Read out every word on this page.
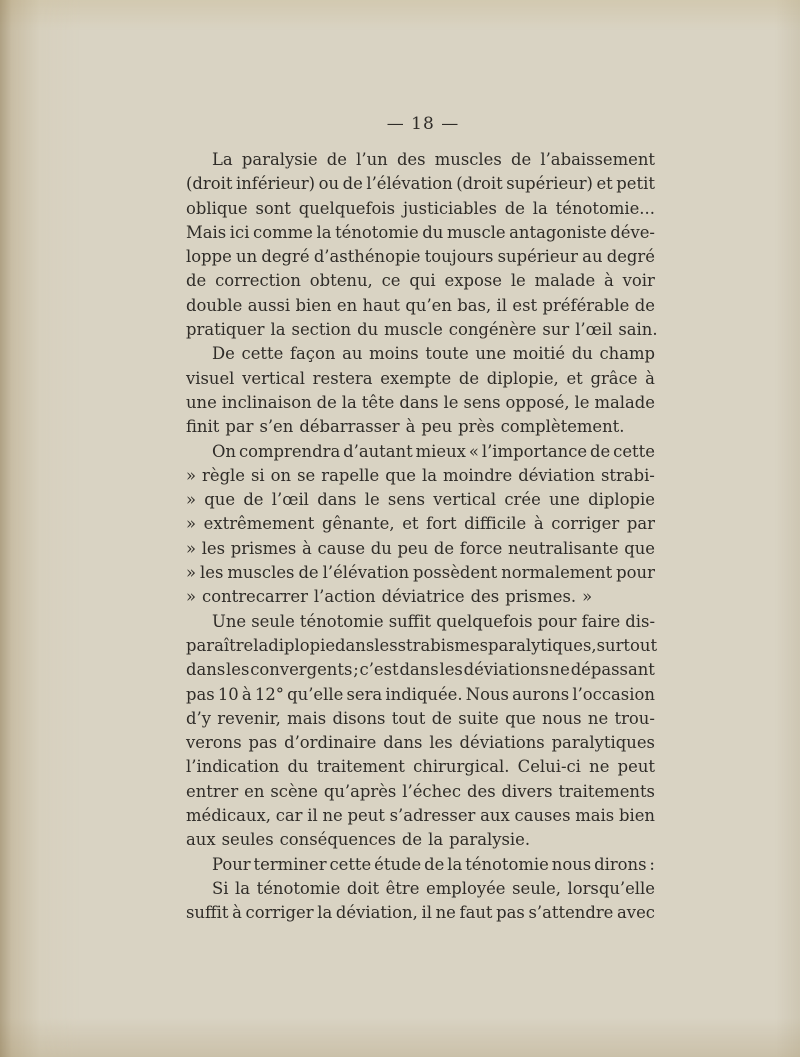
— 18 —
La paralysie de l’un des muscles de l’abaissement
(droit inférieur) ou de l’élévation (droit supérieur) et petit
oblique sont quelquefois justiciables de la ténotomie...
Mais ici comme la ténotomie du muscle antagoniste déve-
loppe un degré d’asthénopie toujours supérieur au degré
de correction obtenu, ce qui expose le malade à voir
double aussi bien en haut qu’en bas, il est préférable de
pratiquer la section du muscle congénère sur l’œil sain.
De cette façon au moins toute une moitié du champ
visuel vertical restera exempte de diplopie, et grâce à
une inclinaison de la tête dans le sens opposé, le malade
finit par s’en débarrasser à peu près complètement.
On comprendra d’autant mieux « l’importance de cette
» règle si on se rapelle que la moindre déviation strabi-
» que de l’œil dans le sens vertical crée une diplopie
» extrêmement gênante, et fort difficile à corriger par
» les prismes à cause du peu de force neutralisante que
» les muscles de l’élévation possèdent normalement pour
» contrecarrer l’action déviatrice des prismes. »
Une seule ténotomie suffit quelquefois pour faire dis-
paraître la diplopie dans les strabismes paralytiques, surtout
dans les convergents ; c’est dans les déviations ne dépassant
pas 10 à 12° qu’elle sera indiquée. Nous aurons l’occasion
d’y revenir, mais disons tout de suite que nous ne trou-
verons pas d’ordinaire dans les déviations paralytiques
l’indication du traitement chirurgical. Celui-ci ne peut
entrer en scène qu’après l’échec des divers traitements
médicaux, car il ne peut s’adresser aux causes mais bien
aux seules conséquences de la paralysie.
Pour terminer cette étude de la ténotomie nous dirons :
Si la ténotomie doit être employée seule, lorsqu’elle
suffit à corriger la déviation, il ne faut pas s’attendre avec
